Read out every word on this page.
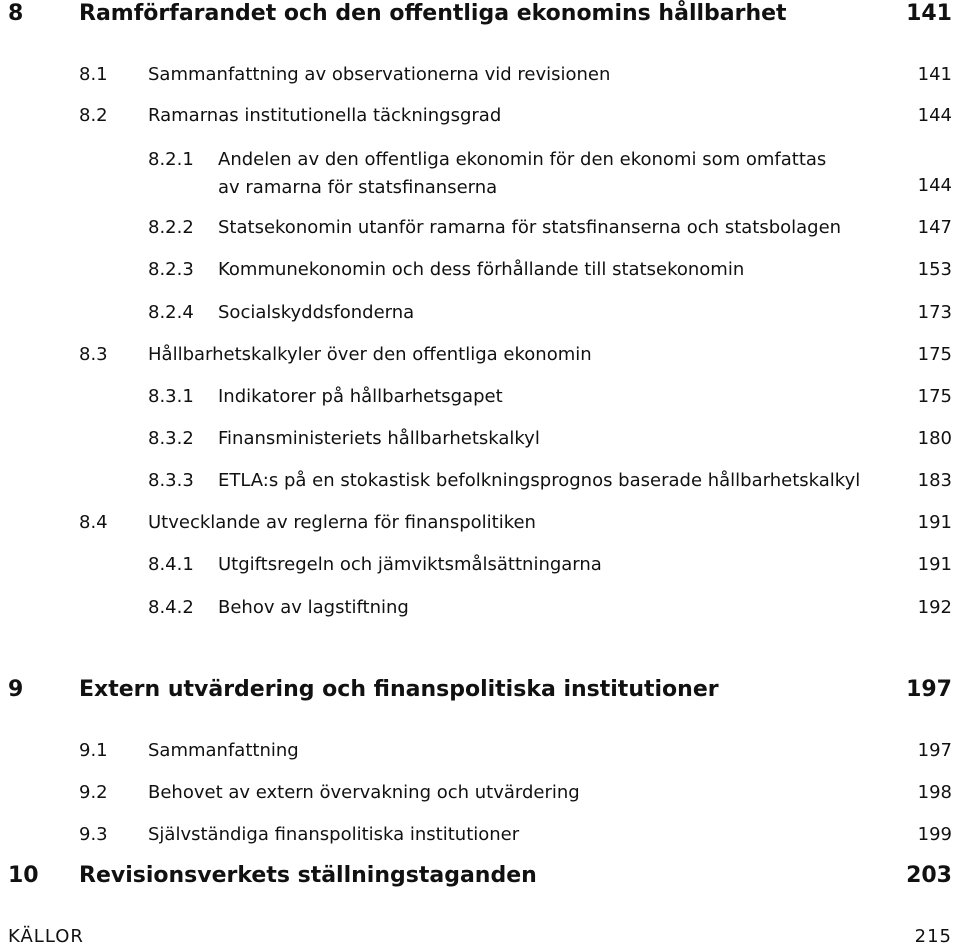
8	Ramförfarandet och den offentliga ekonomins hållbarhet	141
8.1 Sammanfattning av observationerna vid revisionen	141
8.2 Ramarnas institutionella täckningsgrad	144
8.2.1 Andelen av den offentliga ekonomin för den ekonomi som omfattas
av ramarna för statsfinanserna	144
8.2.2 Statsekonomin utanför ramarna för statsfinanserna och statsbolagen	147
8.2.3 Kommunekonomin och dess förhållande till statsekonomin	153
8.2.4 Socialskyddsfonderna	173
8.3 Hållbarhetskalkyler över den offentliga ekonomin	175
8.3.1 Indikatorer på hållbarhetsgapet	175
8.3.2 Finansministeriets hållbarhetskalkyl	180
8.3.3 ETLA:s på en stokastisk befolkningsprognos baserade hållbarhetskalkyl	183
8.4 Utvecklande av reglerna för finanspolitiken	191
8.4.1 Utgiftsregeln och jämviktsmålsättningarna	191
8.4.2 Behov av lagstiftning	192
9	Extern utvärdering och finanspolitiska institutioner	197
9.1 Sammanfattning	197
9.2 Behovet av extern övervakning och utvärdering	198
9.3 Självständiga finanspolitiska institutioner	199
10 Revisionsverkets ställningstaganden	203
KÄLLOR	215
